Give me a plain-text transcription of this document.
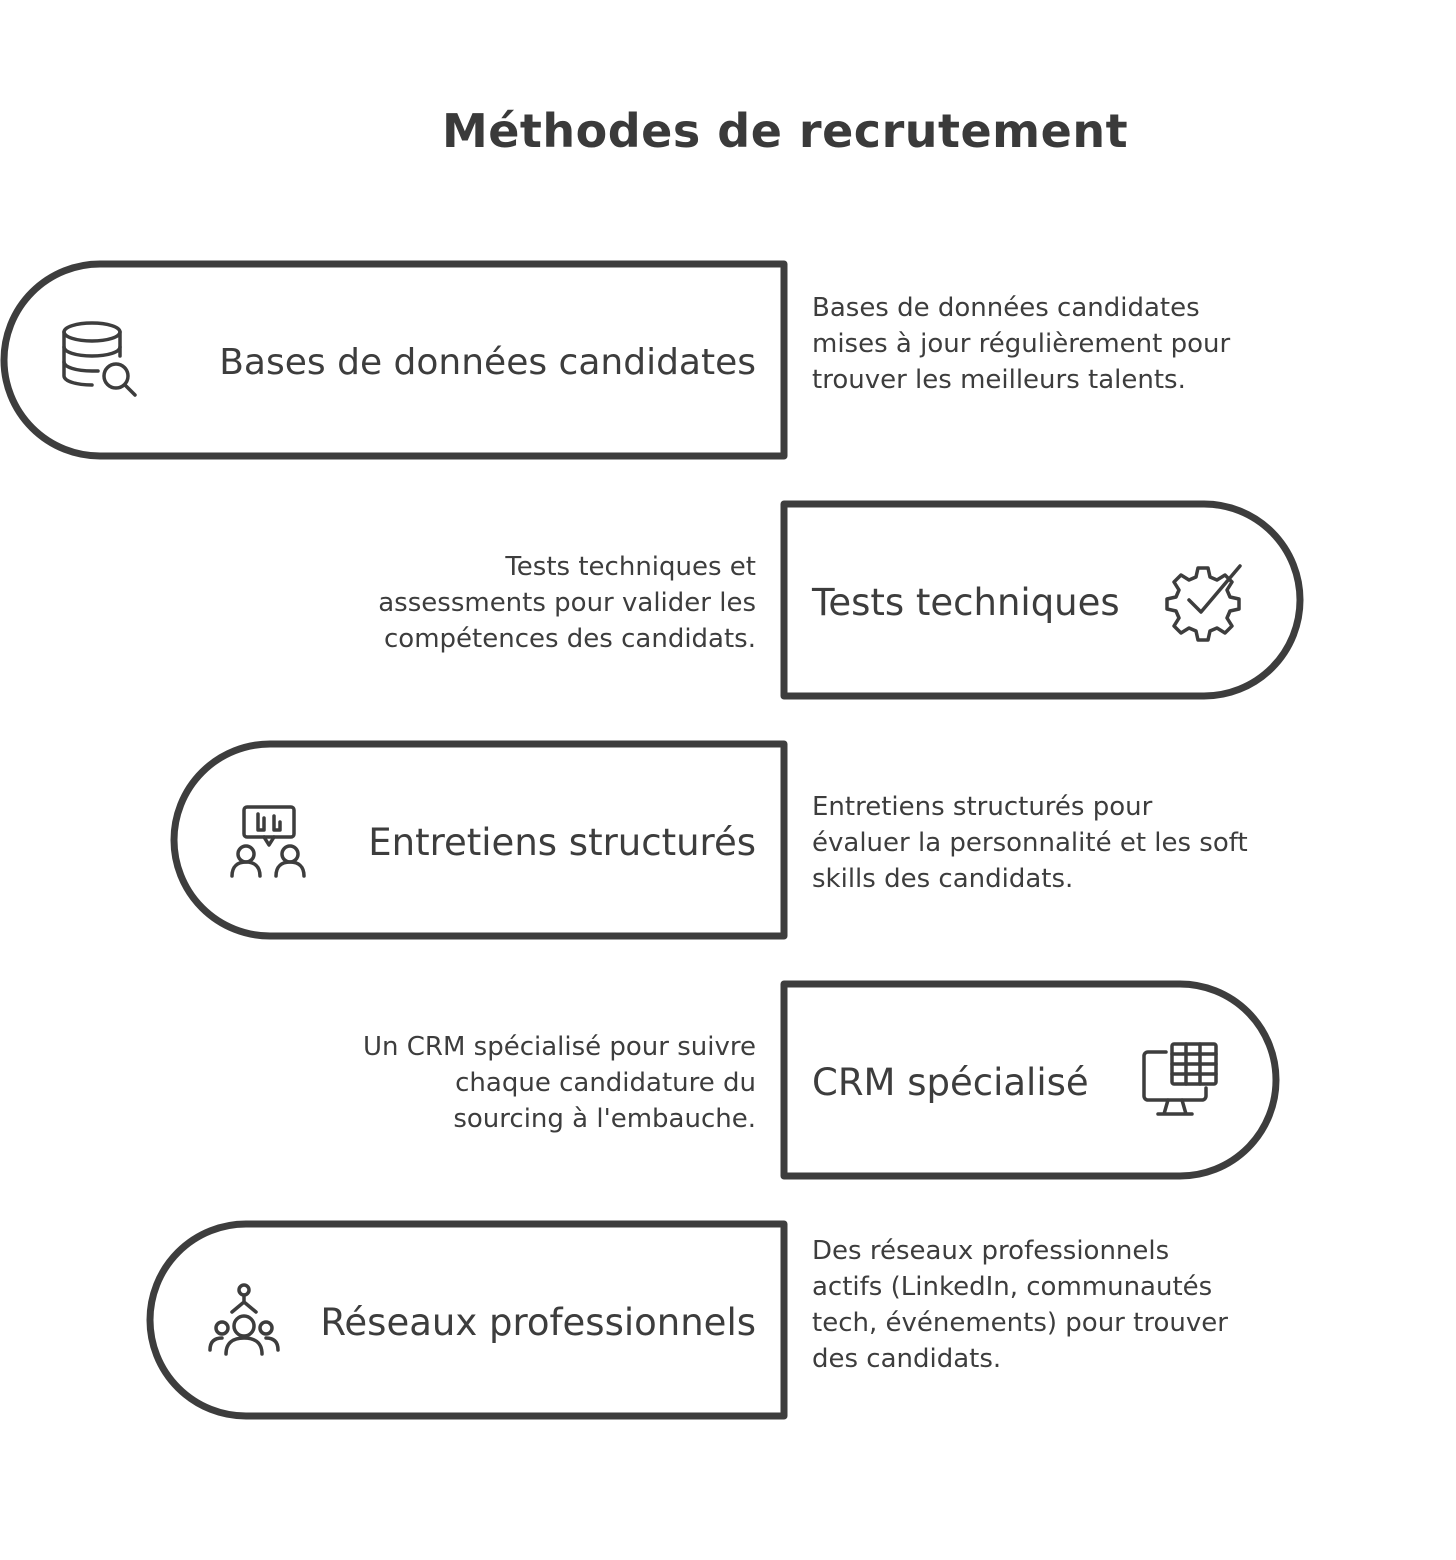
Méthodes de recrutement
Bases de données candidates

Bases de données candidates mises à jour régulièrement pour trouver les meilleurs talents.

Tests techniques

Tests techniques et assessments pour valider les compétences des candidats.

Entretiens structurés

Entretiens structurés pour évaluer la personnalité et les soft skills des candidats.

CRM spécialisé

Un CRM spécialisé pour suivre chaque candidature du sourcing à l'embauche.

Réseaux professionnels

Des réseaux professionnels actifs (LinkedIn, communautés tech, événements) pour trouver des candidats.
